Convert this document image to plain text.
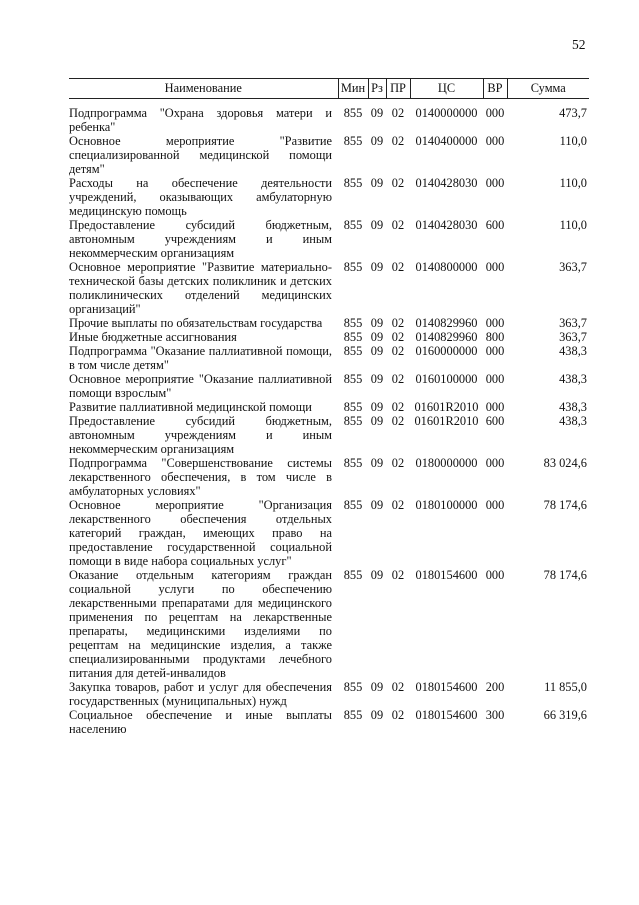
52
Наименование	Мин	Рз	ПР	ЦС	ВР	Сумма
Подпрограмма "Охрана здоровья матери и ребенка"	855	09	02	0140000000	000	473,7
Основное мероприятие "Развитие специализированной медицинской помощи детям"	855	09	02	0140400000	000	110,0
Расходы на обеспечение деятельности учреждений, оказывающих амбулаторную медицинскую помощь	855	09	02	0140428030	000	110,0
Предоставление субсидий бюджетным, автономным учреждениям и иным некоммерческим организациям	855	09	02	0140428030	600	110,0
Основное мероприятие "Развитие материально-технической базы детских поликлиник и детских поликлинических отделений медицинских организаций"	855	09	02	0140800000	000	363,7
Прочие выплаты по обязательствам государства	855	09	02	0140829960	000	363,7
Иные бюджетные ассигнования	855	09	02	0140829960	800	363,7
Подпрограмма "Оказание паллиативной помощи, в том числе детям"	855	09	02	0160000000	000	438,3
Основное мероприятие "Оказание паллиативной помощи взрослым"	855	09	02	0160100000	000	438,3
Развитие паллиативной медицинской помощи	855	09	02	01601R2010	000	438,3
Предоставление субсидий бюджетным, автономным учреждениям и иным некоммерческим организациям	855	09	02	01601R2010	600	438,3
Подпрограмма "Совершенствование системы лекарственного обеспечения, в том числе в амбулаторных условиях"	855	09	02	0180000000	000	83 024,6
Основное мероприятие "Организация лекарственного обеспечения отдельных категорий граждан, имеющих право на предоставление государственной социальной помощи в виде набора социальных услуг"	855	09	02	0180100000	000	78 174,6
Оказание отдельным категориям граждан социальной услуги по обеспечению лекарственными препаратами для медицинского применения по рецептам на лекарственные препараты, медицинскими изделиями по рецептам на медицинские изделия, а также специализированными продуктами лечебного питания для детей-инвалидов	855	09	02	0180154600	000	78 174,6
Закупка товаров, работ и услуг для обеспечения государственных (муниципальных) нужд	855	09	02	0180154600	200	11 855,0
Социальное обеспечение и иные выплаты населению	855	09	02	0180154600	300	66 319,6
